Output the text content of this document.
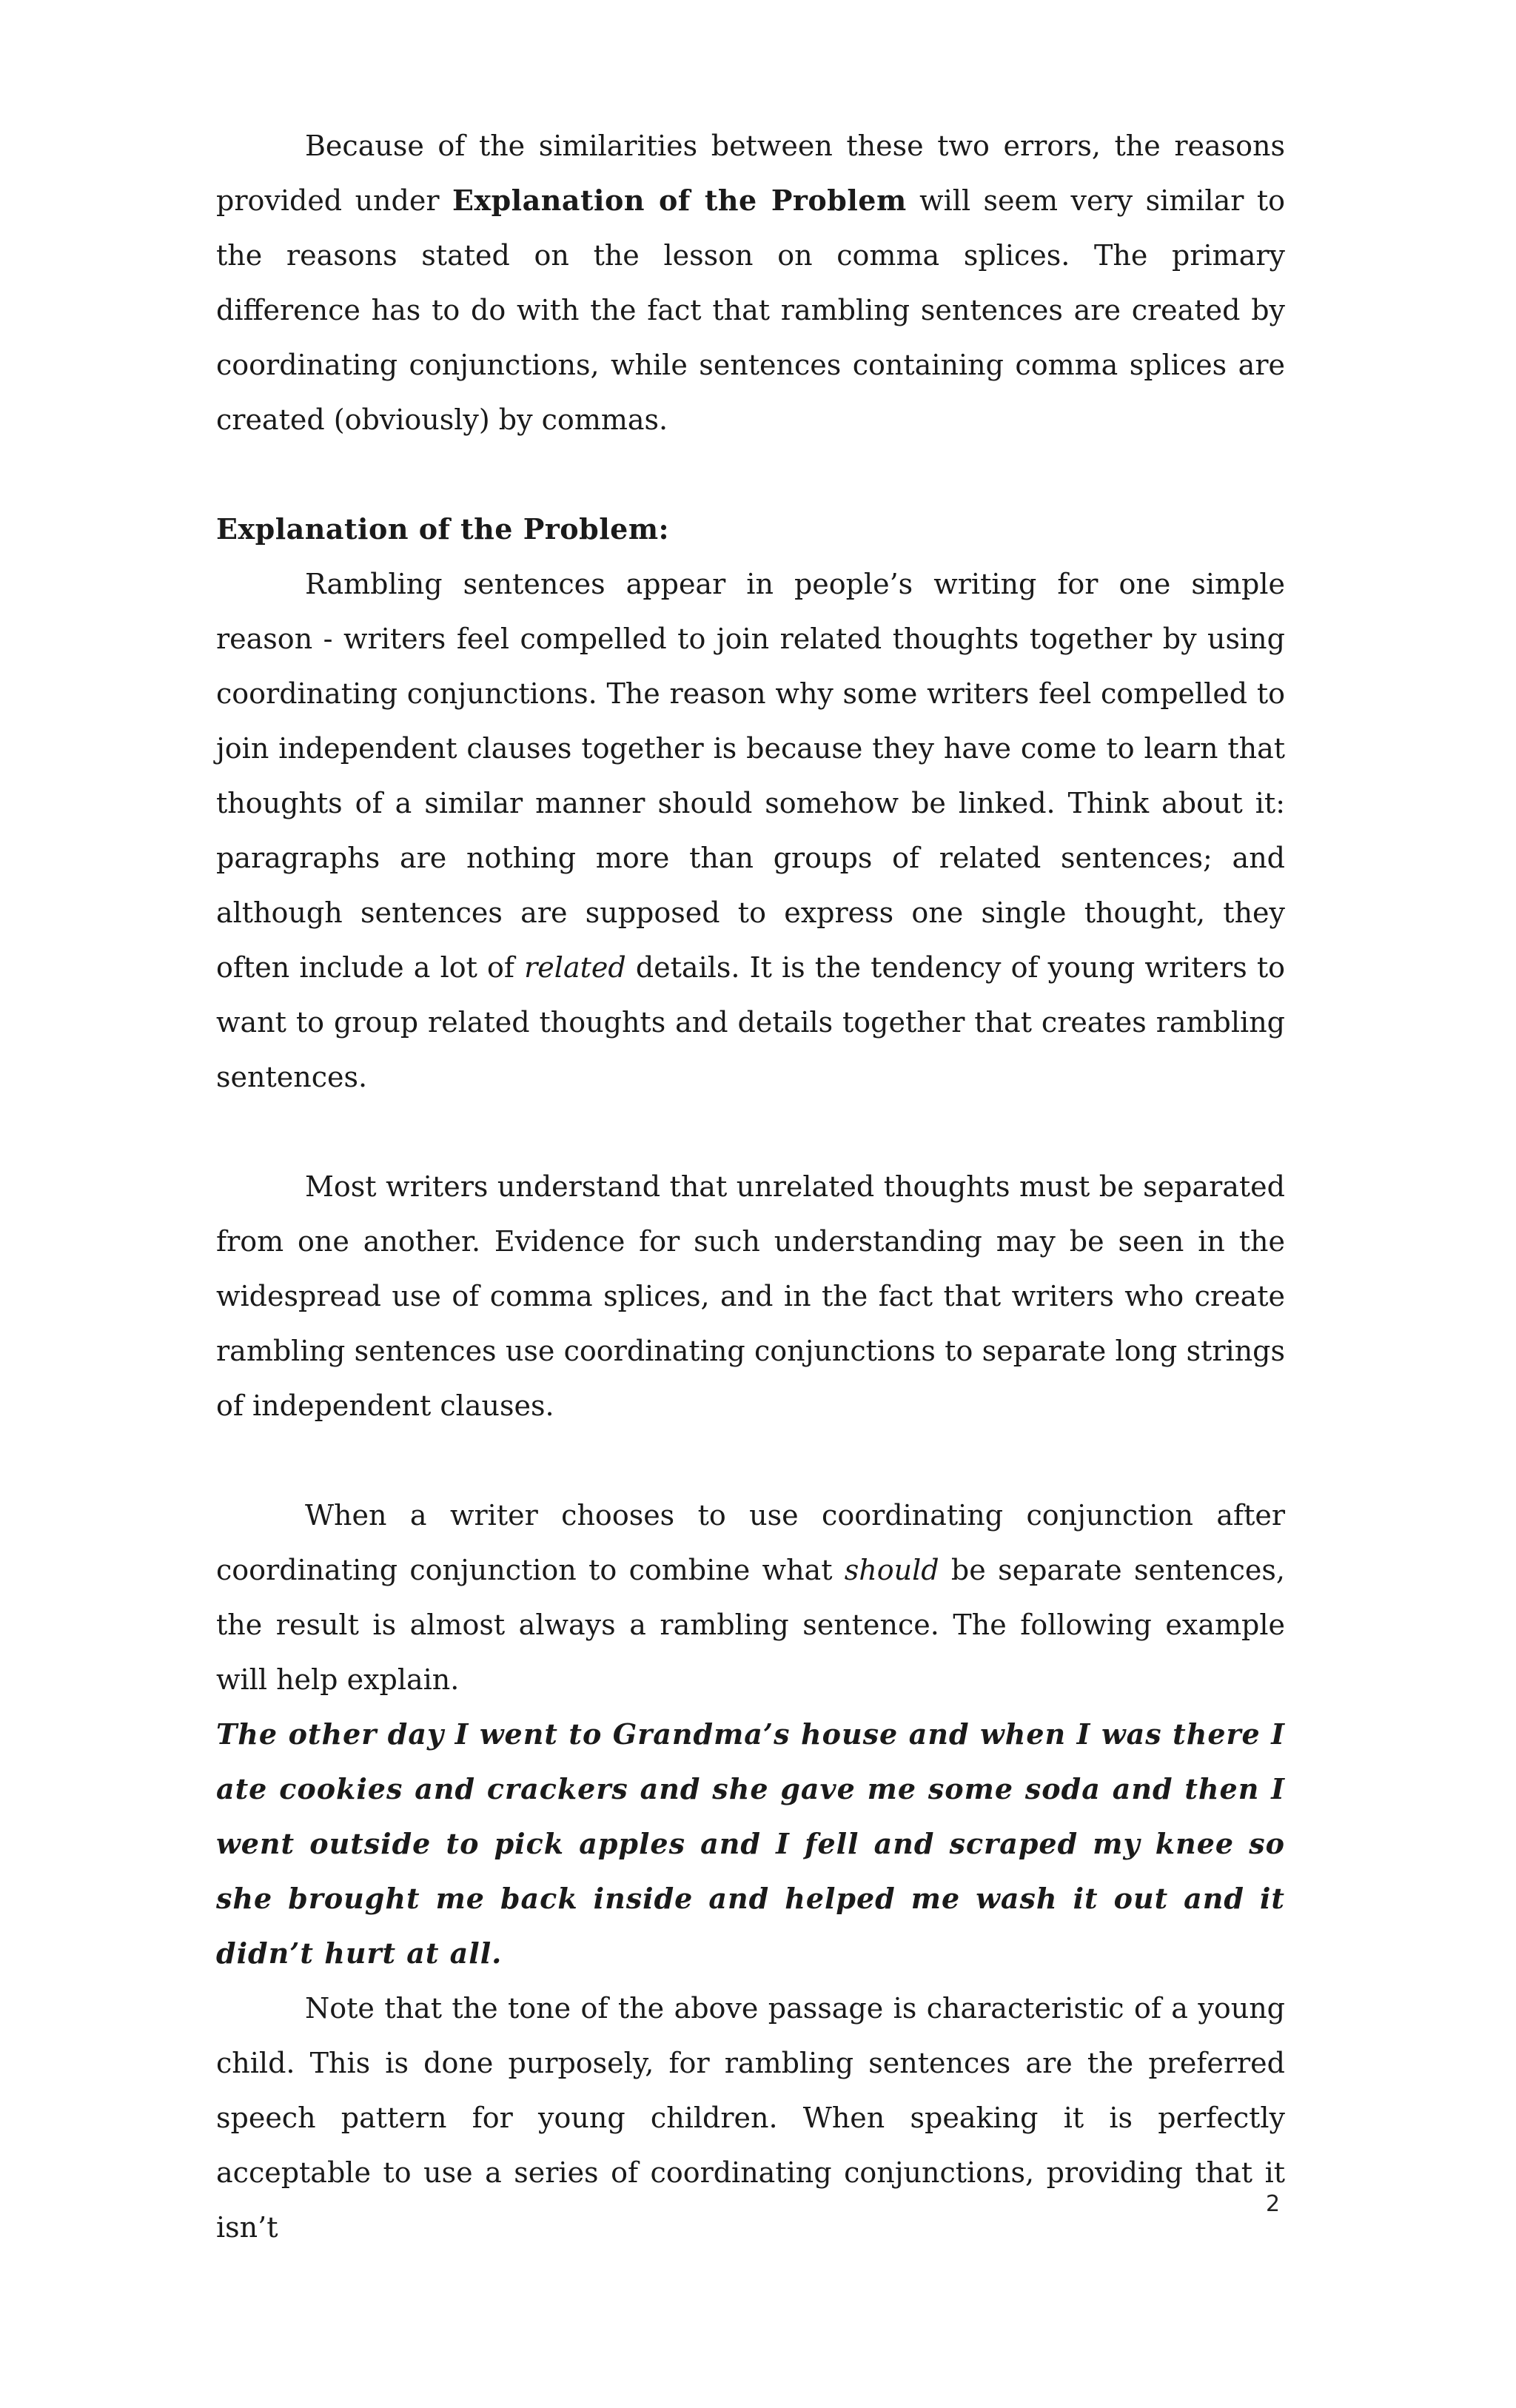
Because of the similarities between these two errors, the reasons provided under Explanation of the Problem will seem very similar to the reasons stated on the lesson on comma splices. The primary difference has to do with the fact that rambling sentences are created by coordinating conjunctions, while sentences containing comma splices are created (obviously) by commas.

Explanation of the Problem:

Rambling sentences appear in people’s writing for one simple reason - writers feel compelled to join related thoughts together by using coordinating conjunctions. The reason why some writers feel compelled to join independent clauses together is because they have come to learn that thoughts of a similar manner should somehow be linked. Think about it: paragraphs are nothing more than groups of related sentences; and although sentences are supposed to express one single thought, they often include a lot of related details. It is the tendency of young writers to want to group related thoughts and details together that creates rambling sentences.

Most writers understand that unrelated thoughts must be separated from one another. Evidence for such understanding may be seen in the widespread use of comma splices, and in the fact that writers who create rambling sentences use coordinating conjunctions to separate long strings of independent clauses.

When a writer chooses to use coordinating conjunction after coordinating conjunction to combine what should be separate sentences, the result is almost always a rambling sentence. The following example will help explain.

The other day I went to Grandma’s house and when I was there I ate cookies and crackers and she gave me some soda and then I went outside to pick apples and I fell and scraped my knee so she brought me back inside and helped me wash it out and it didn’t hurt at all.

Note that the tone of the above passage is characteristic of a young child. This is done purposely, for rambling sentences are the preferred speech pattern for young children. When speaking it is perfectly acceptable to use a series of coordinating conjunctions, providing that it isn’t

2
